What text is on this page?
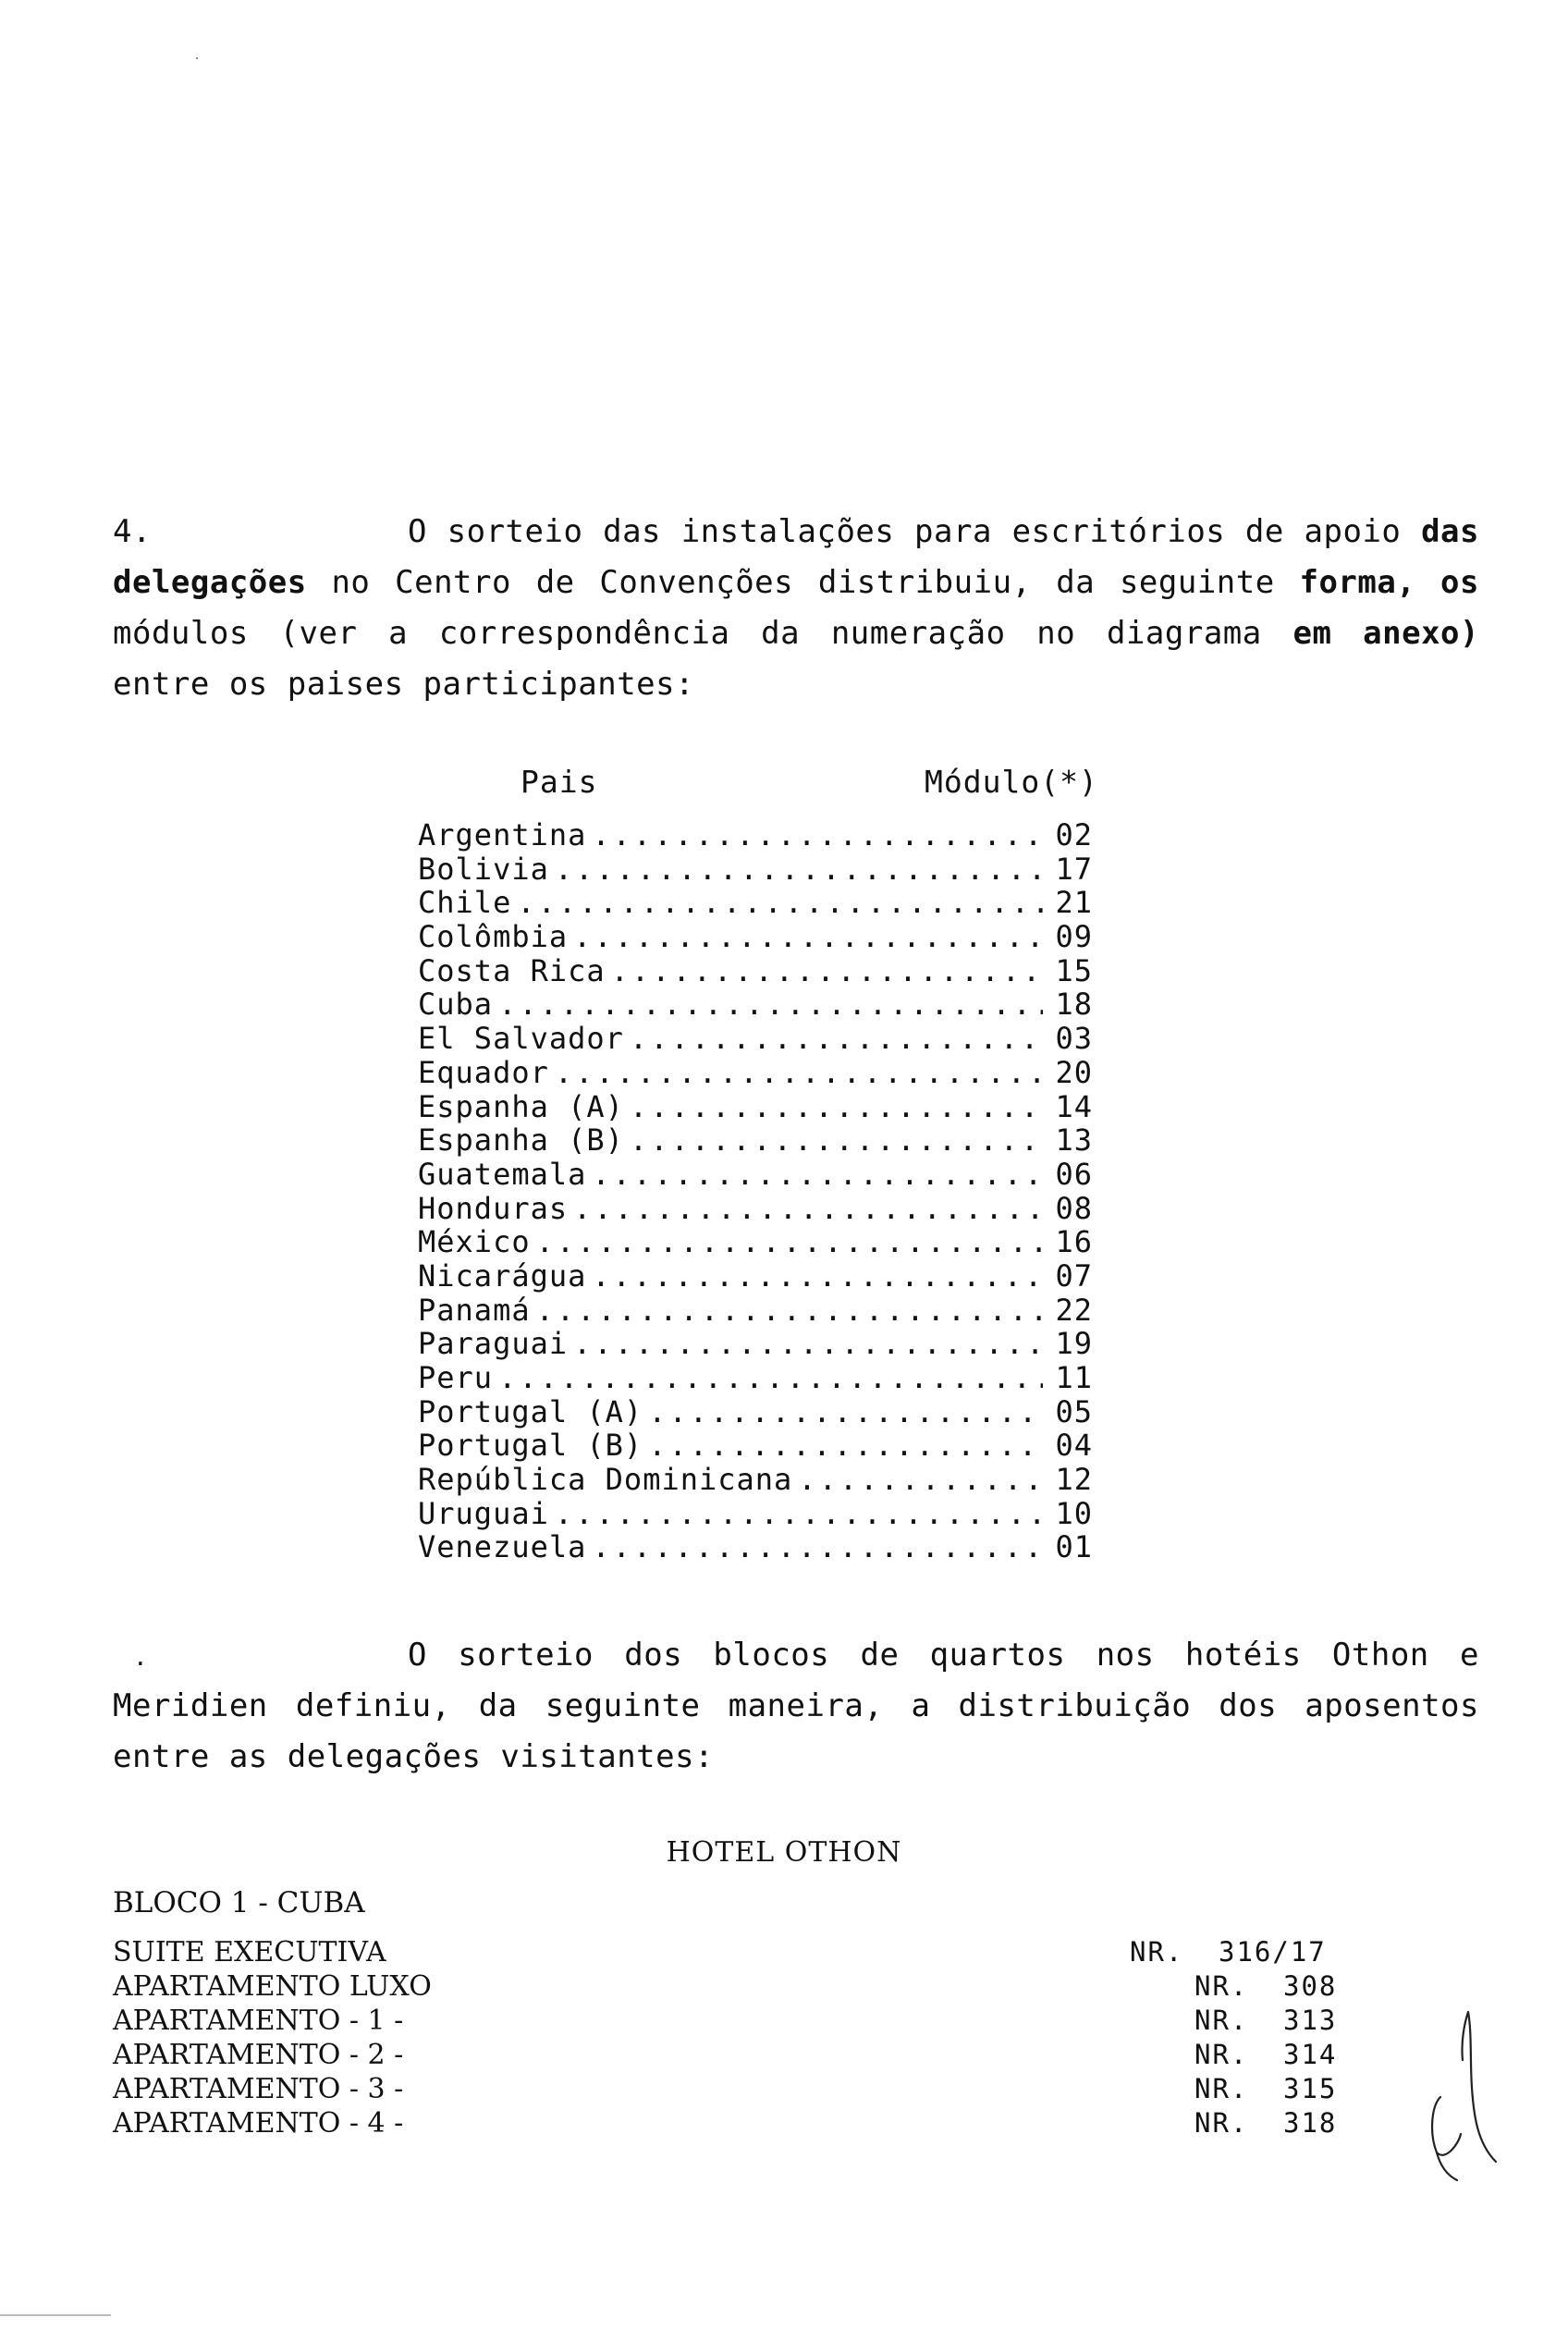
4.	O sorteio das instalações para escritórios de apoio das delegações no Centro de Convenções distribuiu, da seguinte forma, os módulos (ver a correspondência da numeração no diagrama em anexo) entre os paises participantes:

Pais	Módulo(*)
Argentina .....	02
Bolivia .....	17
Chile .....	21
Colômbia .....	09
Costa Rica .....	15
Cuba .....	18
El Salvador .....	03
Equador .....	20
Espanha (A) .....	14
Espanha (B) .....	13
Guatemala .....	06
Honduras .....	08
México .....	16
Nicarágua .....	07
Panamá .....	22
Paraguai .....	19
Peru .....	11
Portugal (A) .....	05
Portugal (B) .....	04
República Dominicana .....	12
Uruguai .....	10
Venezuela .....	01
.	O sorteio dos blocos de quartos nos hotéis Othon e Meridien definiu, da seguinte maneira, a distribuição dos aposentos entre as delegações visitantes:

HOTEL OTHON
BLOCO 1 - CUBA
SUITE EXECUTIVA	NR. 316/17
APARTAMENTO LUXO	NR. 308
APARTAMENTO - 1 -	NR. 313
APARTAMENTO - 2 -	NR. 314
APARTAMENTO - 3 -	NR. 315
APARTAMENTO - 4 -	NR. 318
